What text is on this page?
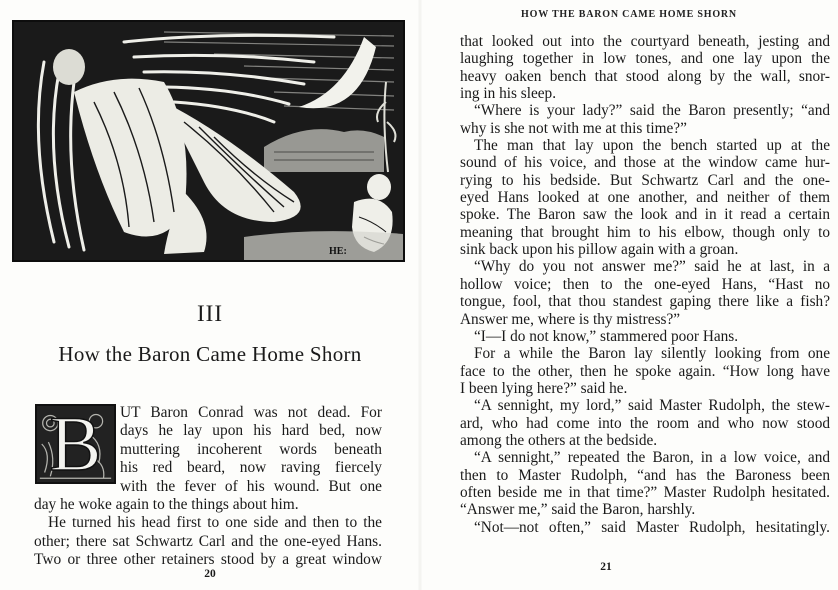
HE:
III
How the Baron Came Home Shorn
B	UT Baron Conrad was not dead. For
days he lay upon his hard bed, now
muttering incoherent words beneath
his red beard, now raving fiercely
with the fever of his wound. But one
day he woke again to the things about him.
He turned his head first to one side and then to the
other; there sat Schwartz Carl and the one-eyed Hans.
Two or three other retainers stood by a great window
20
HOW THE BARON CAME HOME SHORN
that looked out into the courtyard beneath, jesting and
laughing together in low tones, and one lay upon the
heavy oaken bench that stood along by the wall, snor-
ing in his sleep.
“Where is your lady?” said the Baron presently; “and
why is she not with me at this time?”
The man that lay upon the bench started up at the
sound of his voice, and those at the window came hur-
rying to his bedside. But Schwartz Carl and the one-
eyed Hans looked at one another, and neither of them
spoke. The Baron saw the look and in it read a certain
meaning that brought him to his elbow, though only to
sink back upon his pillow again with a groan.
“Why do you not answer me?” said he at last, in a
hollow voice; then to the one-eyed Hans, “Hast no
tongue, fool, that thou standest gaping there like a fish?
Answer me, where is thy mistress?”
“I—I do not know,” stammered poor Hans.
For a while the Baron lay silently looking from one
face to the other, then he spoke again. “How long have
I been lying here?” said he.
“A sennight, my lord,” said Master Rudolph, the stew-
ard, who had come into the room and who now stood
among the others at the bedside.
“A sennight,” repeated the Baron, in a low voice, and
then to Master Rudolph, “and has the Baroness been
often beside me in that time?” Master Rudolph hesitated.
“Answer me,” said the Baron, harshly.
“Not—not often,” said Master Rudolph, hesitatingly.
21
